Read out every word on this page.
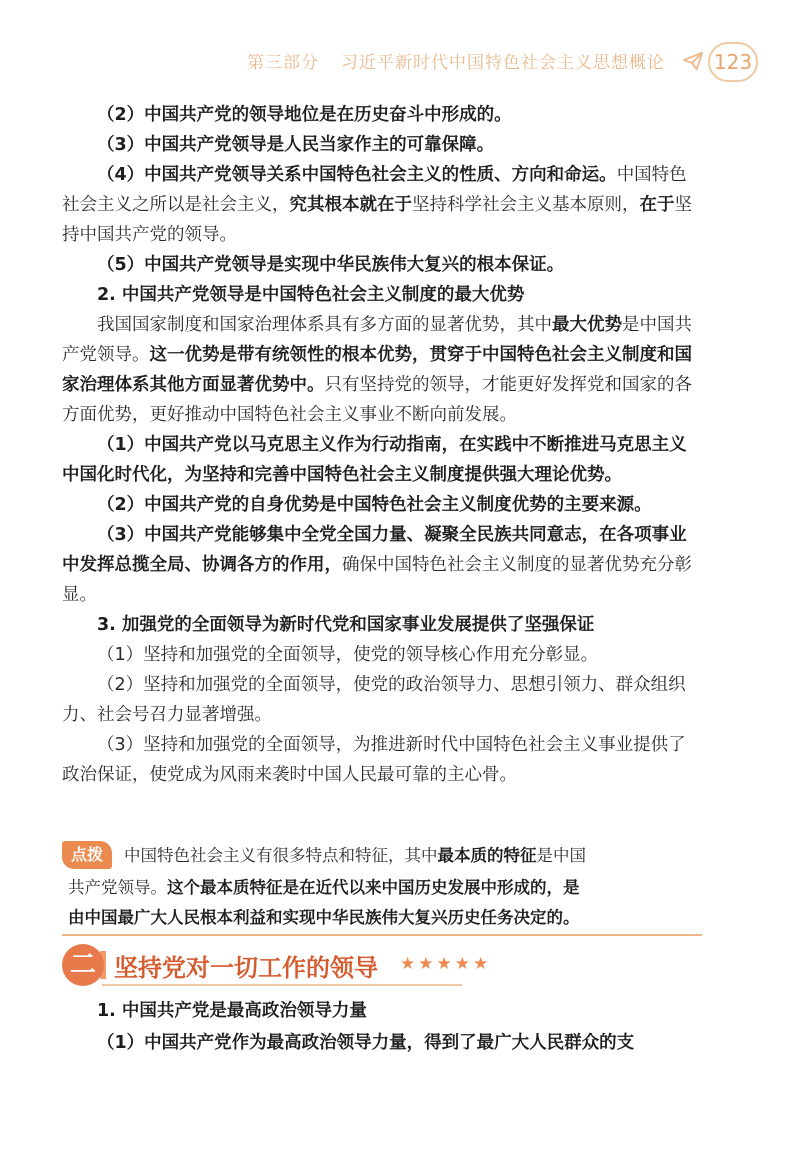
第三部分 习近平新时代中国特色社会主义思想概论 123

（2）中国共产党的领导地位是在历史奋斗中形成的。

（3）中国共产党领导是人民当家作主的可靠保障。

（4）中国共产党领导关系中国特色社会主义的性质、方向和命运。中国特色社会主义之所以是社会主义，究其根本就在于坚持科学社会主义基本原则，在于坚持中国共产党的领导。

（5）中国共产党领导是实现中华民族伟大复兴的根本保证。

2. 中国共产党领导是中国特色社会主义制度的最大优势

我国国家制度和国家治理体系具有多方面的显著优势，其中最大优势是中国共产党领导。这一优势是带有统领性的根本优势，贯穿于中国特色社会主义制度和国家治理体系其他方面显著优势中。只有坚持党的领导，才能更好发挥党和国家的各方面优势，更好推动中国特色社会主义事业不断向前发展。

（1）中国共产党以马克思主义作为行动指南，在实践中不断推进马克思主义中国化时代化，为坚持和完善中国特色社会主义制度提供强大理论优势。

（2）中国共产党的自身优势是中国特色社会主义制度优势的主要来源。

（3）中国共产党能够集中全党全国力量、凝聚全民族共同意志，在各项事业中发挥总揽全局、协调各方的作用，确保中国特色社会主义制度的显著优势充分彰显。

3. 加强党的全面领导为新时代党和国家事业发展提供了坚强保证

（1）坚持和加强党的全面领导，使党的领导核心作用充分彰显。

（2）坚持和加强党的全面领导，使党的政治领导力、思想引领力、群众组织力、社会号召力显著增强。

（3）坚持和加强党的全面领导，为推进新时代中国特色社会主义事业提供了政治保证，使党成为风雨来袭时中国人民最可靠的主心骨。

点拨	中国特色社会主义有很多特点和特征，其中最本质的特征是中国
共产党领导。这个最本质特征是在近代以来中国历史发展中形成的，是
由中国最广大人民根本利益和实现中华民族伟大复兴历史任务决定的。
二 坚持党对一切工作的领导 ★★★★★

1. 中国共产党是最高政治领导力量

（1）中国共产党作为最高政治领导力量，得到了最广大人民群众的支
